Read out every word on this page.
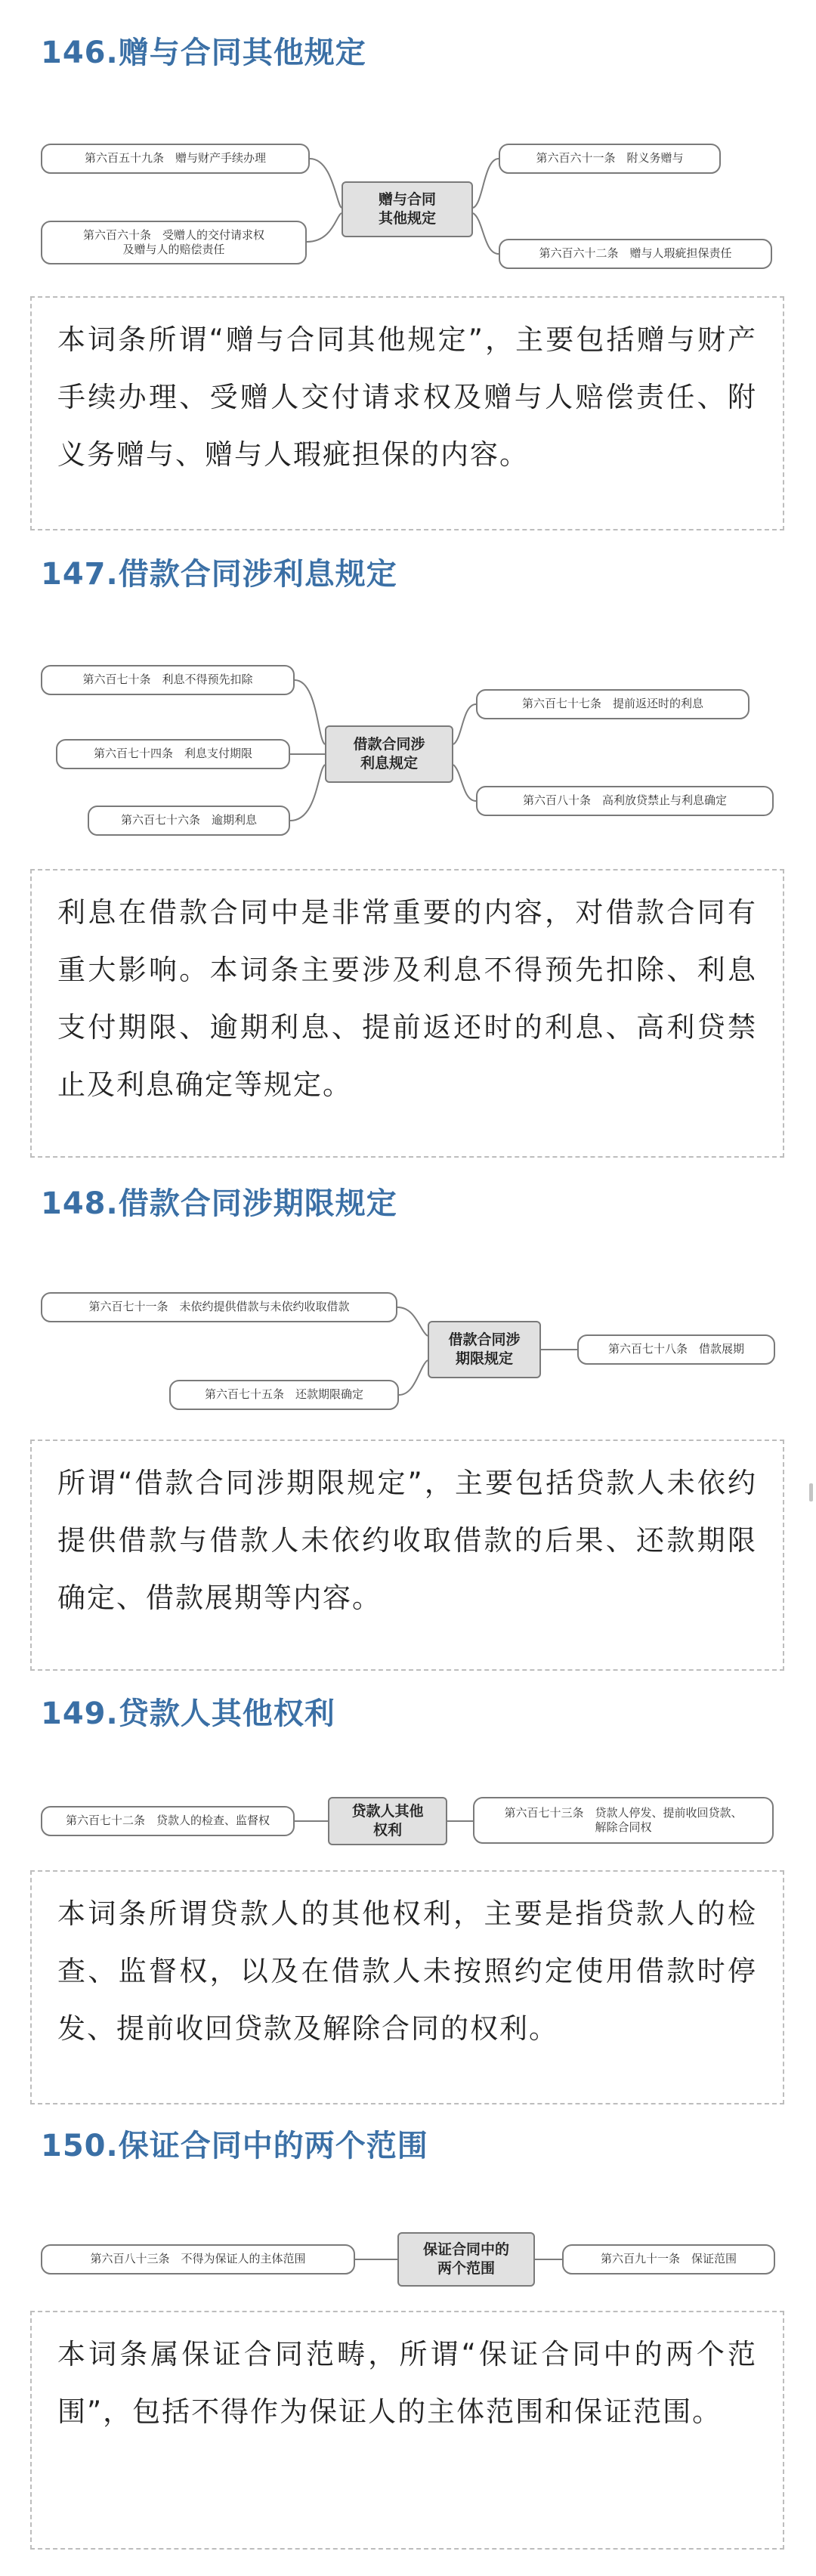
146.赠与合同其他规定
赠与合同
其他规定
第六百五十九条　赠与财产手续办理
第六百六十条　受赠人的交付请求权
及赠与人的赔偿责任
第六百六十一条　附义务赠与
第六百六十二条　赠与人瑕疵担保责任
本词条所谓“赠与合同其他规定”，主要包括赠与财产手续办理、受赠人交付请求权及赠与人赔偿责任、附义务赠与、赠与人瑕疵担保的内容。
147.借款合同涉利息规定
借款合同涉
利息规定
第六百七十条　利息不得预先扣除
第六百七十四条　利息支付期限
第六百七十六条　逾期利息
第六百七十七条　提前返还时的利息
第六百八十条　高利放贷禁止与利息确定
利息在借款合同中是非常重要的内容，对借款合同有重大影响。本词条主要涉及利息不得预先扣除、利息支付期限、逾期利息、提前返还时的利息、高利贷禁止及利息确定等规定。
148.借款合同涉期限规定
借款合同涉
期限规定
第六百七十一条　未依约提供借款与未依约收取借款
第六百七十五条　还款期限确定
第六百七十八条　借款展期
所谓“借款合同涉期限规定”，主要包括贷款人未依约提供借款与借款人未依约收取借款的后果、还款期限确定、借款展期等内容。
149.贷款人其他权利
贷款人其他
权利
第六百七十二条　贷款人的检查、监督权
第六百七十三条　贷款人停发、提前收回贷款、
解除合同权
本词条所谓贷款人的其他权利，主要是指贷款人的检查、监督权，以及在借款人未按照约定使用借款时停发、提前收回贷款及解除合同的权利。
150.保证合同中的两个范围
保证合同中的
两个范围
第六百八十三条　不得为保证人的主体范围	第六百九十一条　保证范围
本词条属保证合同范畴，所谓“保证合同中的两个范围”，包括不得作为保证人的主体范围和保证范围。
